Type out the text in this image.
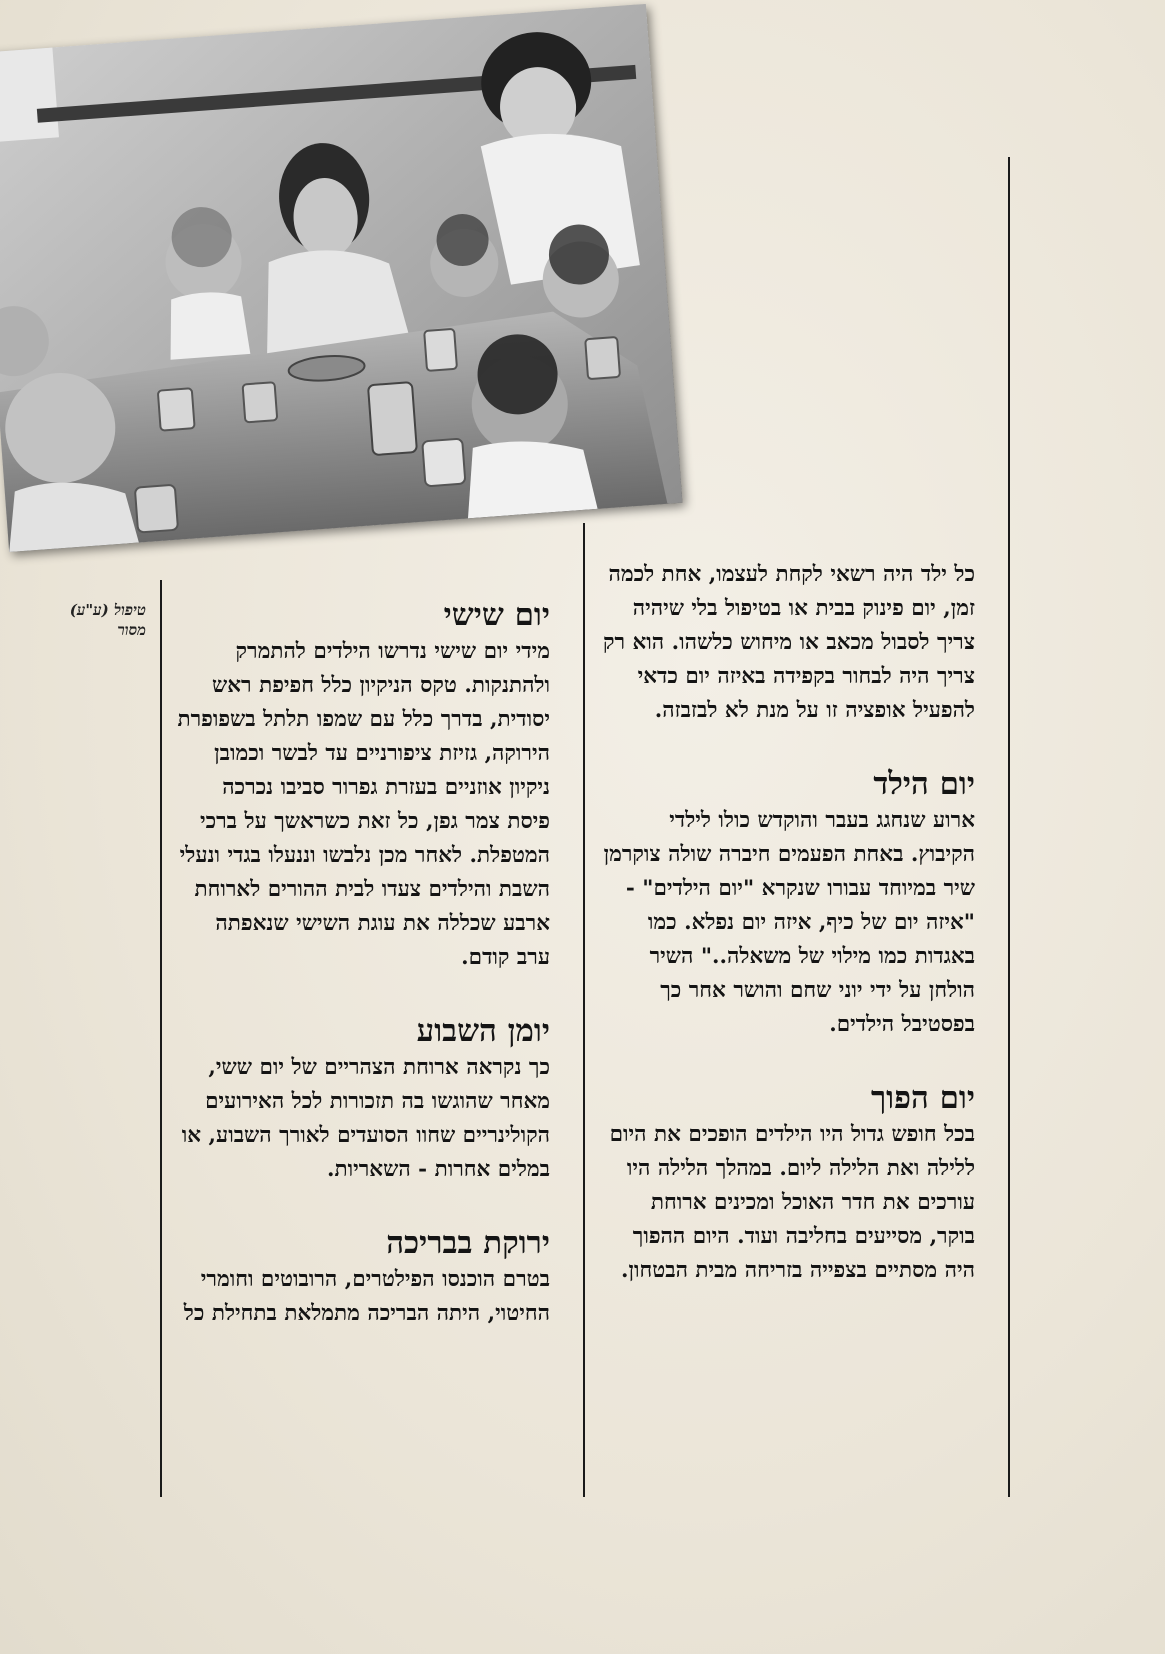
טיפול (ע"ע)
מסור

כל ילד היה רשאי לקחת לעצמו, אחת לכמה זמן, יום פינוק בבית או בטיפול בלי שיהיה צריך לסבול מכאב או מיחוש כלשהו. הוא רק צריך היה לבחור בקפידה באיזה יום כדאי להפעיל אופציה זו על מנת לא לבזבזה.

יום הילד

ארוע שנחגג בעבר והוקדש כולו לילדי הקיבוץ. באחת הפעמים חיברה שולה צוקרמן שיר במיוחד עבורו שנקרא "יום הילדים" - "איזה יום של כיף, איזה יום נפלא. כמו באגדות כמו מילוי של משאלה.." השיר הולחן על ידי יוני שחם והושר אחר כך בפסטיבל הילדים.

יום הפוך

בכל חופש גדול היו הילדים הופכים את היום ללילה ואת הלילה ליום. במהלך הלילה היו עורכים את חדר האוכל ומכינים ארוחת בוקר, מסייעים בחליבה ועוד. היום ההפוך היה מסתיים בצפייה בזריחה מבית הבטחון.

יום שישי

מידי יום שישי נדרשו הילדים להתמרק ולהתנקות. טקס הניקיון כלל חפיפת ראש יסודית, בדרך כלל עם שמפו תלתל בשפופרת הירוקה, גזיזת ציפורניים עד לבשר וכמובן ניקיון אוזניים בעזרת גפרור סביבו נכרכה פיסת צמר גפן, כל זאת כשראשך על ברכי המטפלת. לאחר מכן נלבשו וננעלו בגדי ונעלי השבת והילדים צעדו לבית ההורים לארוחת ארבע שכללה את עוגת השישי שנאפתה ערב קודם.

יומן השבוע

כך נקראה ארוחת הצהריים של יום ששי, מאחר שהוגשו בה תזכורות לכל האירועים הקולינריים שחוו הסועדים לאורך השבוע, או במלים אחרות - השאריות.

ירוקת בבריכה

בטרם הוכנסו הפילטרים, הרובוטים וחומרי החיטוי, היתה הבריכה מתמלאת בתחילת כל
